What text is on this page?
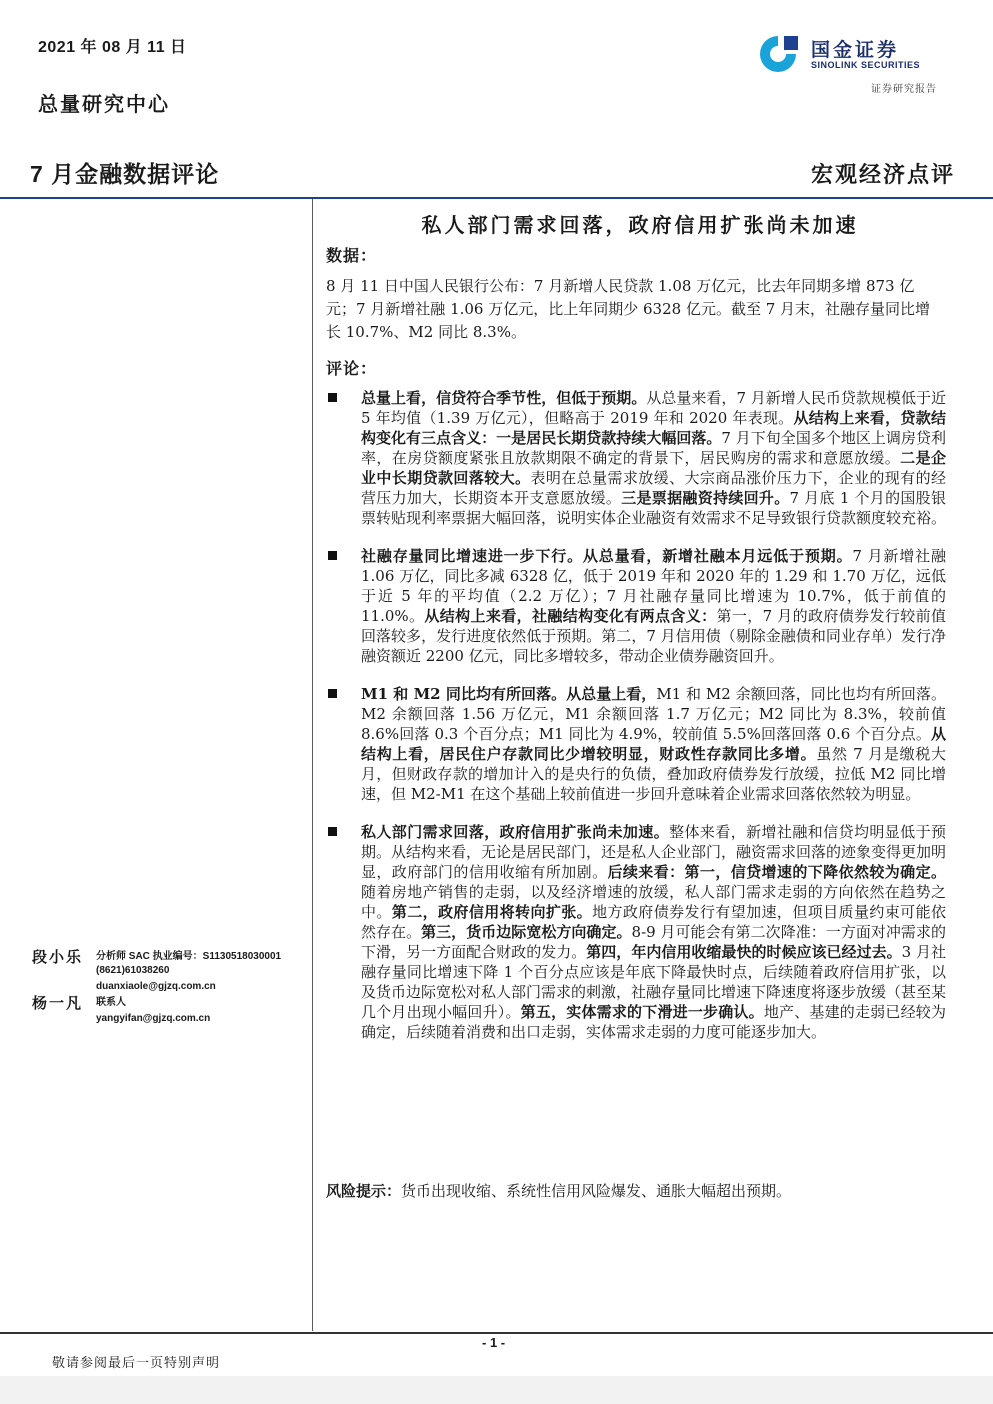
2021 年 08 月 11 日
总量研究中心
国金证券
SINOLINK SECURITIES
证券研究报告
7 月金融数据评论	宏观经济点评
私人部门需求回落，政府信用扩张尚未加速
数据：
8 月 11 日中国人民银行公布：7 月新增人民贷款 1.08 万亿元，比去年同期多增 873 亿元；7 月新增社融 1.06 万亿元，比上年同期少 6328 亿元。截至 7 月末，社融存量同比增长 10.7%、M2 同比 8.3%。
评论：
总量上看，信贷符合季节性，但低于预期。从总量来看，7 月新增人民币贷款规模低于近 5 年均值（1.39 万亿元），但略高于 2019 年和 2020 年表现。从结构上来看，贷款结构变化有三点含义：一是居民长期贷款持续大幅回落。7 月下旬全国多个地区上调房贷利率，在房贷额度紧张且放款期限不确定的背景下，居民购房的需求和意愿放缓。二是企业中长期贷款回落较大。表明在总量需求放缓、大宗商品涨价压力下，企业的现有的经营压力加大，长期资本开支意愿放缓。三是票据融资持续回升。7 月底 1 个月的国股银票转贴现利率票据大幅回落，说明实体企业融资有效需求不足导致银行贷款额度较充裕。
社融存量同比增速进一步下行。从总量看，新增社融本月远低于预期。7 月新增社融 1.06 万亿，同比多减 6328 亿，低于 2019 年和 2020 年的 1.29 和 1.70 万亿，远低于近 5 年的平均值（2.2 万亿）；7 月社融存量同比增速为 10.7%，低于前值的 11.0%。从结构上来看，社融结构变化有两点含义：第一，7 月的政府债券发行较前值回落较多，发行进度依然低于预期。第二，7 月信用债（剔除金融债和同业存单）发行净融资额近 2200 亿元，同比多增较多，带动企业债券融资回升。
M1 和 M2 同比均有所回落。从总量上看，M1 和 M2 余额回落，同比也均有所回落。M2 余额回落 1.56 万亿元，M1 余额回落 1.7 万亿元；M2 同比为 8.3%，较前值 8.6%回落 0.3 个百分点；M1 同比为 4.9%，较前值 5.5%回落回落 0.6 个百分点。从结构上看，居民住户存款同比少增较明显，财政性存款同比多增。虽然 7 月是缴税大月，但财政存款的增加计入的是央行的负债，叠加政府债券发行放缓，拉低 M2 同比增速，但 M2-M1 在这个基础上较前值进一步回升意味着企业需求回落依然较为明显。
私人部门需求回落，政府信用扩张尚未加速。整体来看，新增社融和信贷均明显低于预期。从结构来看，无论是居民部门，还是私人企业部门，融资需求回落的迹象变得更加明显，政府部门的信用收缩有所加剧。后续来看：第一，信贷增速的下降依然较为确定。随着房地产销售的走弱，以及经济增速的放缓，私人部门需求走弱的方向依然在趋势之中。第二，政府信用将转向扩张。地方政府债券发行有望加速，但项目质量约束可能依然存在。第三，货币边际宽松方向确定。8-9 月可能会有第二次降准：一方面对冲需求的下滑，另一方面配合财政的发力。第四，年内信用收缩最快的时候应该已经过去。3 月社融存量同比增速下降 1 个百分点应该是年底下降最快时点，后续随着政府信用扩张，以及货币边际宽松对私人部门需求的刺激，社融存量同比增速下降速度将逐步放缓（甚至某几个月出现小幅回升）。第五，实体需求的下滑进一步确认。地产、基建的走弱已经较为确定，后续随着消费和出口走弱，实体需求走弱的力度可能逐步加大。
段小乐 分析师 SAC 执业编号：S1130518030001
(8621)61038260
duanxiaole@gjzq.com.cn
杨一凡 联系人
yangyifan@gjzq.com.cn
风险提示：货币出现收缩、系统性信用风险爆发、通胀大幅超出预期。
- 1 -
敬请参阅最后一页特别声明
